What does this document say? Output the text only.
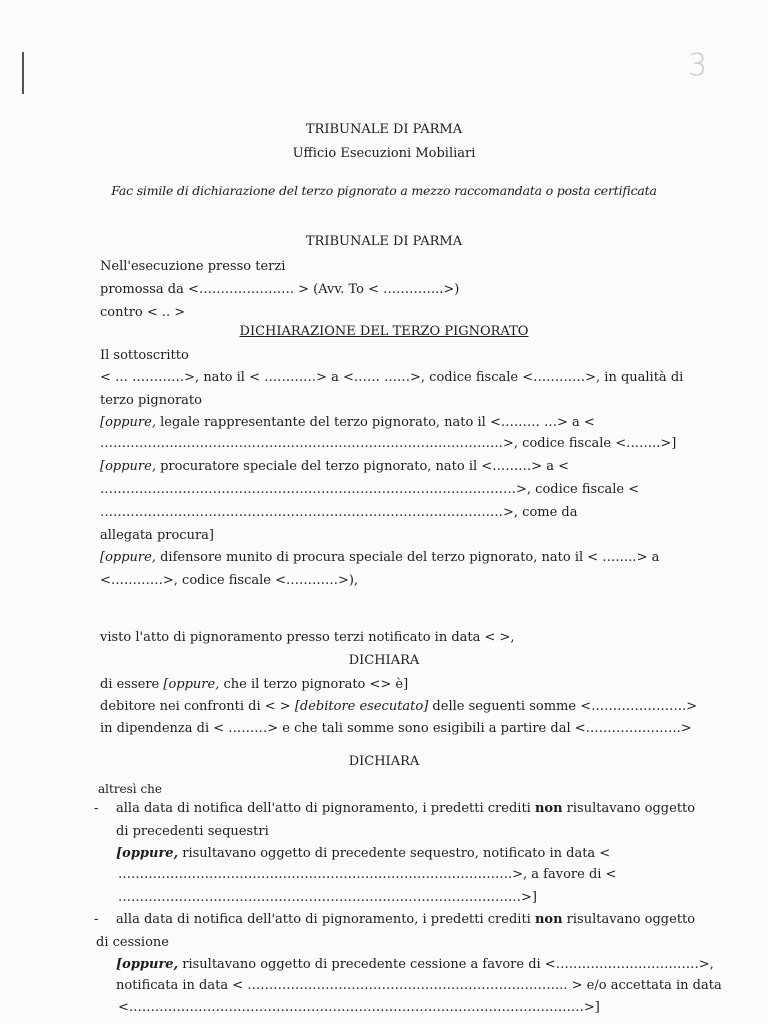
3
TRIBUNALE DI PARMA
Ufficio Esecuzioni Mobiliari
Fac simile di dichiarazione del terzo pignorato a mezzo raccomandata o posta certificata
TRIBUNALE DI PARMA
Nell'esecuzione presso terzi
promossa da <…………………. > (Avv. To < …………..>)
contro < .. >
DICHIARAZIONE DEL TERZO PIGNORATO
Il sottoscritto
< … …………>, nato il < …………> a <…… ……>, codice fiscale <…………>, in qualità di
terzo pignorato
[oppure, legale rappresentante del terzo pignorato, nato il <……… …> a <
…………………………………………………………………………………>, codice fiscale <……..>]
[oppure, procuratore speciale del terzo pignorato, nato il <………> a <
……………………………………………………………………………………>, codice fiscale <
…………………………………………………………………………………>, come da
allegata procura]
[oppure, difensore munito di procura speciale del terzo pignorato, nato il < ……..> a
<…………>, codice fiscale <…………>),
visto l'atto di pignoramento presso terzi notificato in data < >,
DICHIARA
di essere [oppure, che il terzo pignorato <> è]
debitore nei confronti di < > [debitore esecutato] delle seguenti somme <………………….>
in dipendenza di < ………> e che tali somme sono esigibili a partire dal <………………….>
DICHIARA
altresì che
- alla data di notifica dell'atto di pignoramento, i predetti crediti non risultavano oggetto
di precedenti sequestri
[oppure, risultavano oggetto di precedente sequestro, notificato in data <
……………………………………………………………………………….>, a favore di <
…………………………………………………………………………………>]
- alla data di notifica dell'atto di pignoramento, i predetti crediti non risultavano oggetto
di cessione
[oppure, risultavano oggetto di precedente cessione a favore di <……………………………>,
notificata in data < ……………………………………………………………….. > e/o accettata in data
<……………………………………………………………………………………………>]
